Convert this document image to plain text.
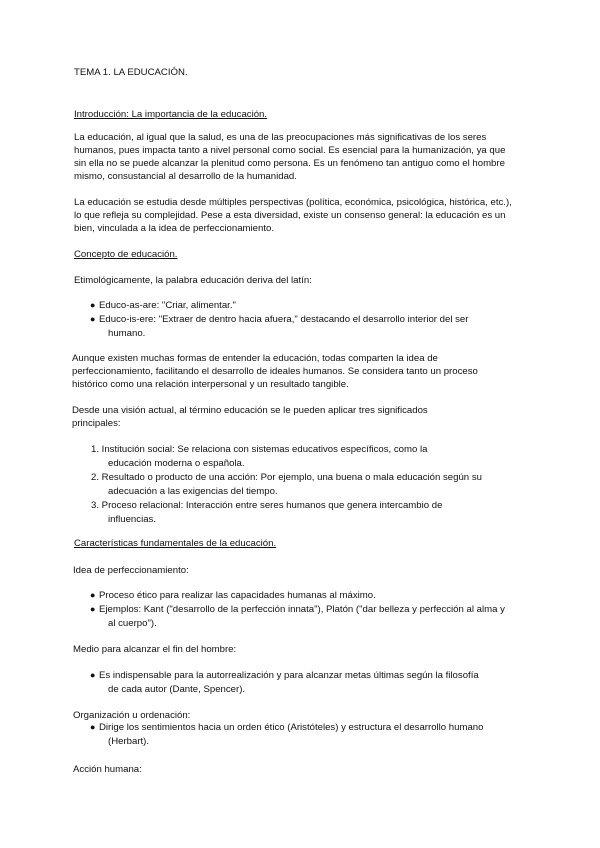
TEMA 1. LA EDUCACIÓN.
Introducción: La importancia de la educación.
La educación, al igual que la salud, es una de las preocupaciones más significativas de los seres
humanos, pues impacta tanto a nivel personal como social. Es esencial para la humanización, ya que
sin ella no se puede alcanzar la plenitud como persona. Es un fenómeno tan antiguo como el hombre
mismo, consustancial al desarrollo de la humanidad.
La educación se estudia desde múltiples perspectivas (política, económica, psicológica, histórica, etc.),
lo que refleja su complejidad. Pese a esta diversidad, existe un consenso general: la educación es un
bien, vinculada a la idea de perfeccionamiento.
Concepto de educación.
Etimológicamente, la palabra educación deriva del latín:
● Educo-as-are: "Criar, alimentar."
● Educo-is-ere: "Extraer de dentro hacia afuera," destacando el desarrollo interior del ser
humano.
Aunque existen muchas formas de entender la educación, todas comparten la idea de
perfeccionamiento, facilitando el desarrollo de ideales humanos. Se considera tanto un proceso
histórico como una relación interpersonal y un resultado tangible.
Desde una visión actual, al término educación se le pueden aplicar tres significados
principales:
1. Institución social: Se relaciona con sistemas educativos específicos, como la
educación moderna o española.
2. Resultado o producto de una acción: Por ejemplo, una buena o mala educación según su
adecuación a las exigencias del tiempo.
3. Proceso relacional: Interacción entre seres humanos que genera intercambio de
influencias.
Características fundamentales de la educación.
Idea de perfeccionamiento:
● Proceso ético para realizar las capacidades humanas al máximo.
● Ejemplos: Kant ("desarrollo de la perfección innata"), Platón ("dar belleza y perfección al alma y
al cuerpo").
Medio para alcanzar el fin del hombre:
● Es indispensable para la autorrealización y para alcanzar metas últimas según la filosofía
de cada autor (Dante, Spencer).
Organización u ordenación:
● Dirige los sentimientos hacia un orden ético (Aristóteles) y estructura el desarrollo humano
(Herbart).
Acción humana:
